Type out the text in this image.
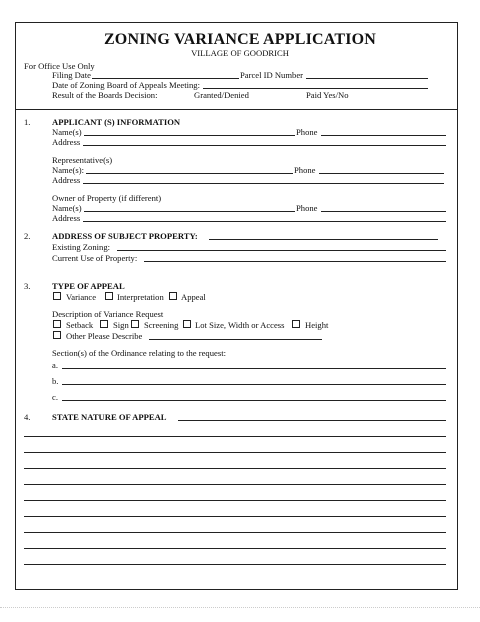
ZONING VARIANCE APPLICATION
VILLAGE OF GOODRICH
For Office Use Only
Filing Date	Parcel ID Number
Date of Zoning Board of Appeals Meeting:
Result of the Boards Decision:	Granted/Denied	Paid Yes/No
1.	APPLICANT (S) INFORMATION
Name(s)	Phone
Address
Representative(s)
Name(s):	Phone
Address
Owner of Property (if different)
Name(s)	Phone
Address
2.	ADDRESS OF SUBJECT PROPERTY:
Existing Zoning:
Current Use of Property:
3.	TYPE OF APPEAL
Variance Interpretation Appeal
Description of Variance Request
Setback Sign Screening Lot Size, Width or Access Height
Other Please Describe
Section(s) of the Ordinance relating to the request:
a.
b.
c.
4.	STATE NATURE OF APPEAL
